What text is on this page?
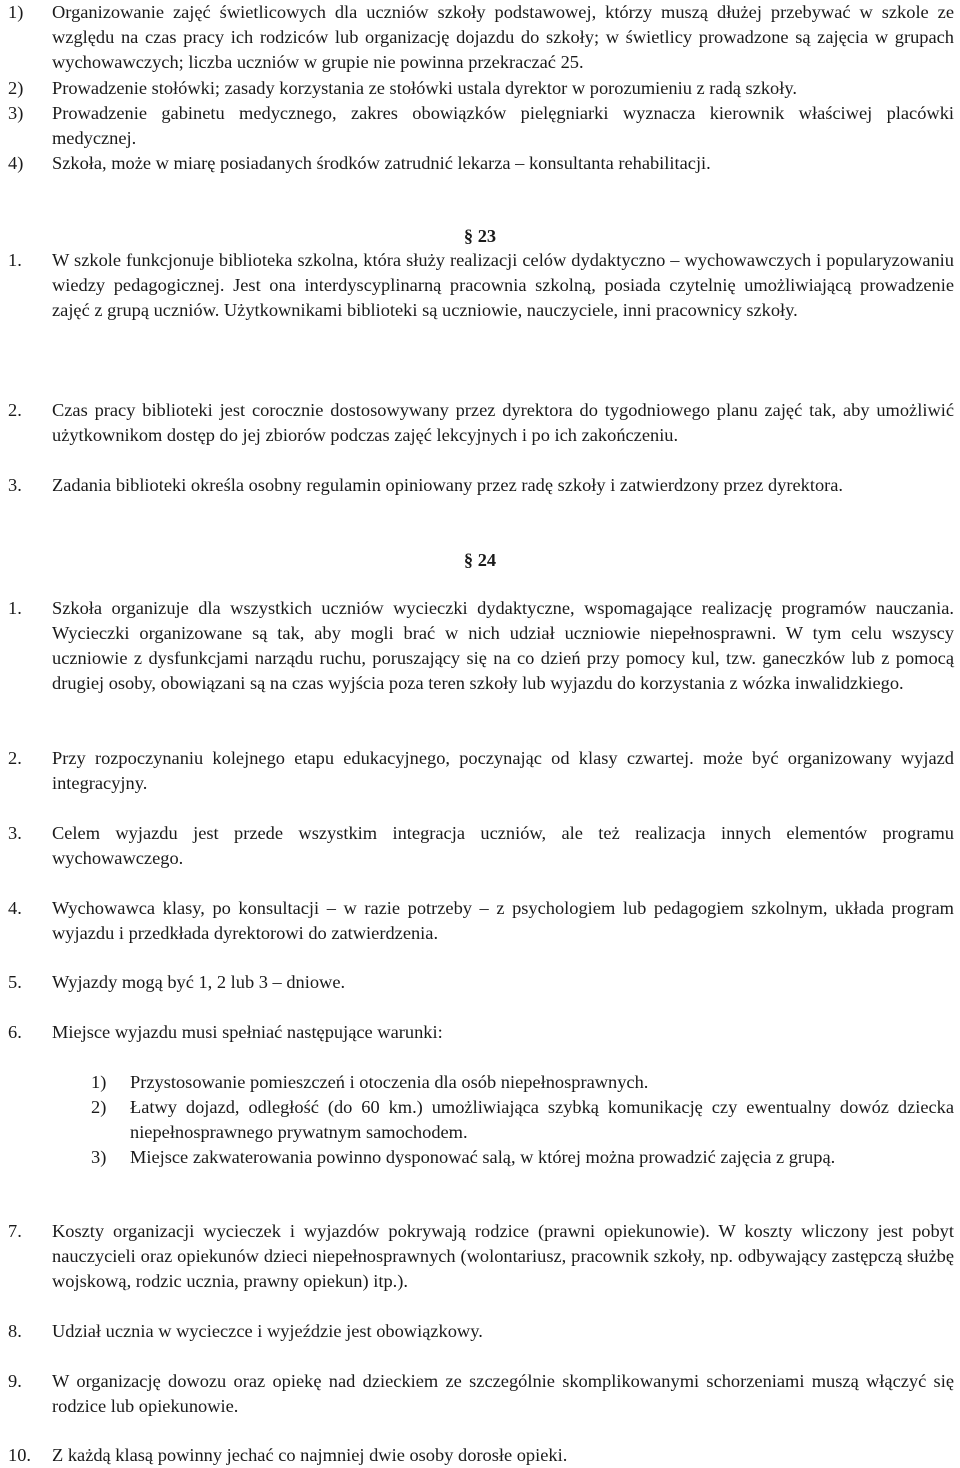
1) Organizowanie zajęć świetlicowych dla uczniów szkoły podstawowej, którzy muszą dłużej przebywać w szkole ze względu na czas pracy ich rodziców lub organizację dojazdu do szkoły; w świetlicy prowadzone są zajęcia w grupach wychowawczych; liczba uczniów w grupie nie powinna przekraczać 25.
2) Prowadzenie stołówki; zasady korzystania ze stołówki ustala dyrektor w porozumieniu z radą szkoły.
3) Prowadzenie gabinetu medycznego, zakres obowiązków pielęgniarki wyznacza kierownik właściwej placówki medycznej.
4) Szkoła, może w miarę posiadanych środków zatrudnić lekarza – konsultanta rehabilitacji.
§ 23
1. W szkole funkcjonuje biblioteka szkolna, która służy realizacji celów dydaktyczno – wychowawczych i popularyzowaniu wiedzy pedagogicznej. Jest ona interdyscyplinarną pracownia szkolną, posiada czytelnię umożliwiającą prowadzenie zajęć z grupą uczniów. Użytkownikami biblioteki są uczniowie, nauczyciele, inni pracownicy szkoły.
2. Czas pracy biblioteki jest corocznie dostosowywany przez dyrektora do tygodniowego planu zajęć tak, aby umożliwić użytkownikom dostęp do jej zbiorów podczas zajęć lekcyjnych i po ich zakończeniu.
3. Zadania biblioteki określa osobny regulamin opiniowany przez radę szkoły i zatwierdzony przez dyrektora.
§ 24
1. Szkoła organizuje dla wszystkich uczniów wycieczki dydaktyczne, wspomagające realizację programów nauczania. Wycieczki organizowane są tak, aby mogli brać w nich udział uczniowie niepełnosprawni. W tym celu wszyscy uczniowie z dysfunkcjami narządu ruchu, poruszający się na co dzień przy pomocy kul, tzw. ganeczków lub z pomocą drugiej osoby, obowiązani są na czas wyjścia poza teren szkoły lub wyjazdu do korzystania z wózka inwalidzkiego.
2. Przy rozpoczynaniu kolejnego etapu edukacyjnego, poczynając od klasy czwartej. może być organizowany wyjazd integracyjny.
3. Celem wyjazdu jest przede wszystkim integracja uczniów, ale też realizacja innych elementów programu wychowawczego.
4. Wychowawca klasy, po konsultacji – w razie potrzeby – z psychologiem lub pedagogiem szkolnym, układa program wyjazdu i przedkłada dyrektorowi do zatwierdzenia.
5. Wyjazdy mogą być 1, 2 lub 3 – dniowe.
6. Miejsce wyjazdu musi spełniać następujące warunki:
1) Przystosowanie pomieszczeń i otoczenia dla osób niepełnosprawnych.
2) Łatwy dojazd, odległość (do 60 km.) umożliwiająca szybką komunikację czy ewentualny dowóz dziecka niepełnosprawnego prywatnym samochodem.
3) Miejsce zakwaterowania powinno dysponować salą, w której można prowadzić zajęcia z grupą.
7. Koszty organizacji wycieczek i wyjazdów pokrywają rodzice (prawni opiekunowie). W koszty wliczony jest pobyt nauczycieli oraz opiekunów dzieci niepełnosprawnych (wolontariusz, pracownik szkoły, np. odbywający zastępczą służbę wojskową, rodzic ucznia, prawny opiekun) itp.).
8. Udział ucznia w wycieczce i wyjeździe jest obowiązkowy.
9. W organizację dowozu oraz opiekę nad dzieckiem ze szczególnie skomplikowanymi schorzeniami muszą włączyć się rodzice lub opiekunowie.
10. Z każdą klasą powinny jechać co najmniej dwie osoby dorosłe opieki.
